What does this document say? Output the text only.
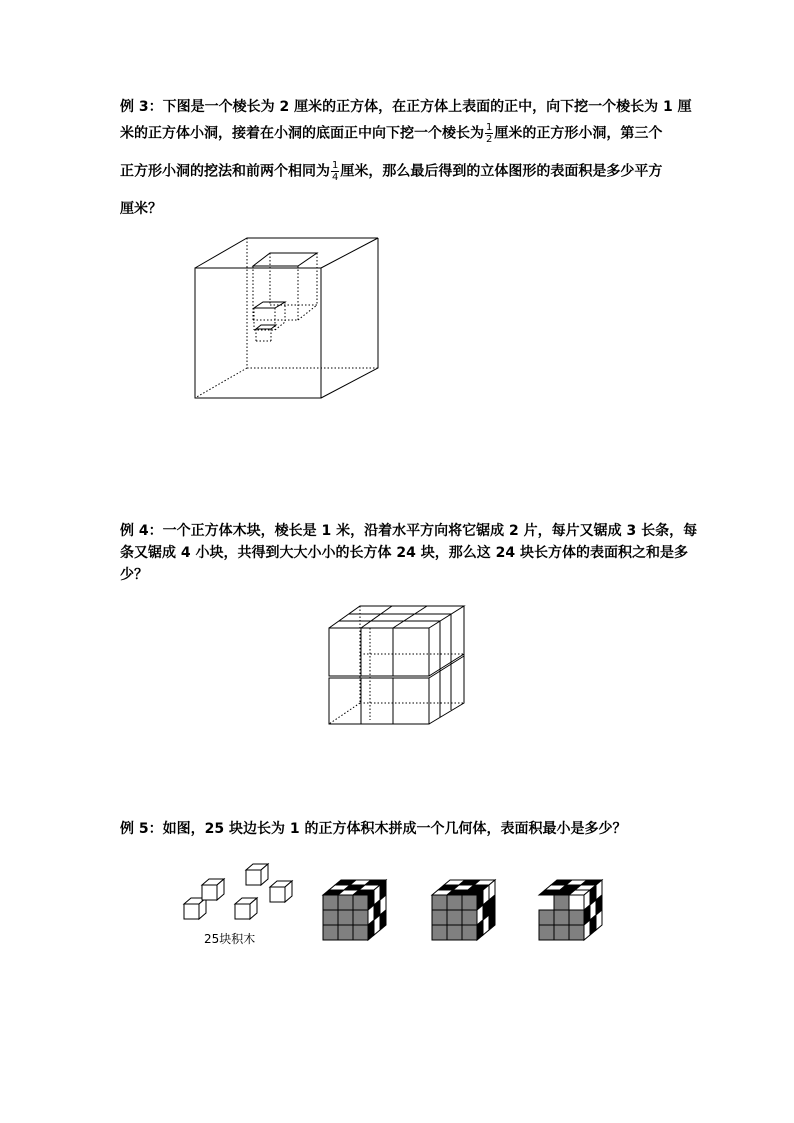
例 3：下图是一个棱长为 2 厘米的正方体，在正方体上表面的正中，向下挖一个棱长为 1 厘
米的正方体小洞，接着在小洞的底面正中向下挖一个棱长为 $\frac{1}{2}$ 厘米的正方形小洞，第三个
正方形小洞的挖法和前两个相同为 $\frac{1}{4}$ 厘米，那么最后得到的立体图形的表面积是多少平方
厘米？
例 4：一个正方体木块，棱长是 1 米，沿着水平方向将它锯成 2 片，每片又锯成 3 长条，每
条又锯成 4 小块，共得到大大小小的长方体 24 块，那么这 24 块长方体的表面积之和是多
少？
例 5：如图，25 块边长为 1 的正方体积木拼成一个几何体，表面积最小是多少？
25块积木
